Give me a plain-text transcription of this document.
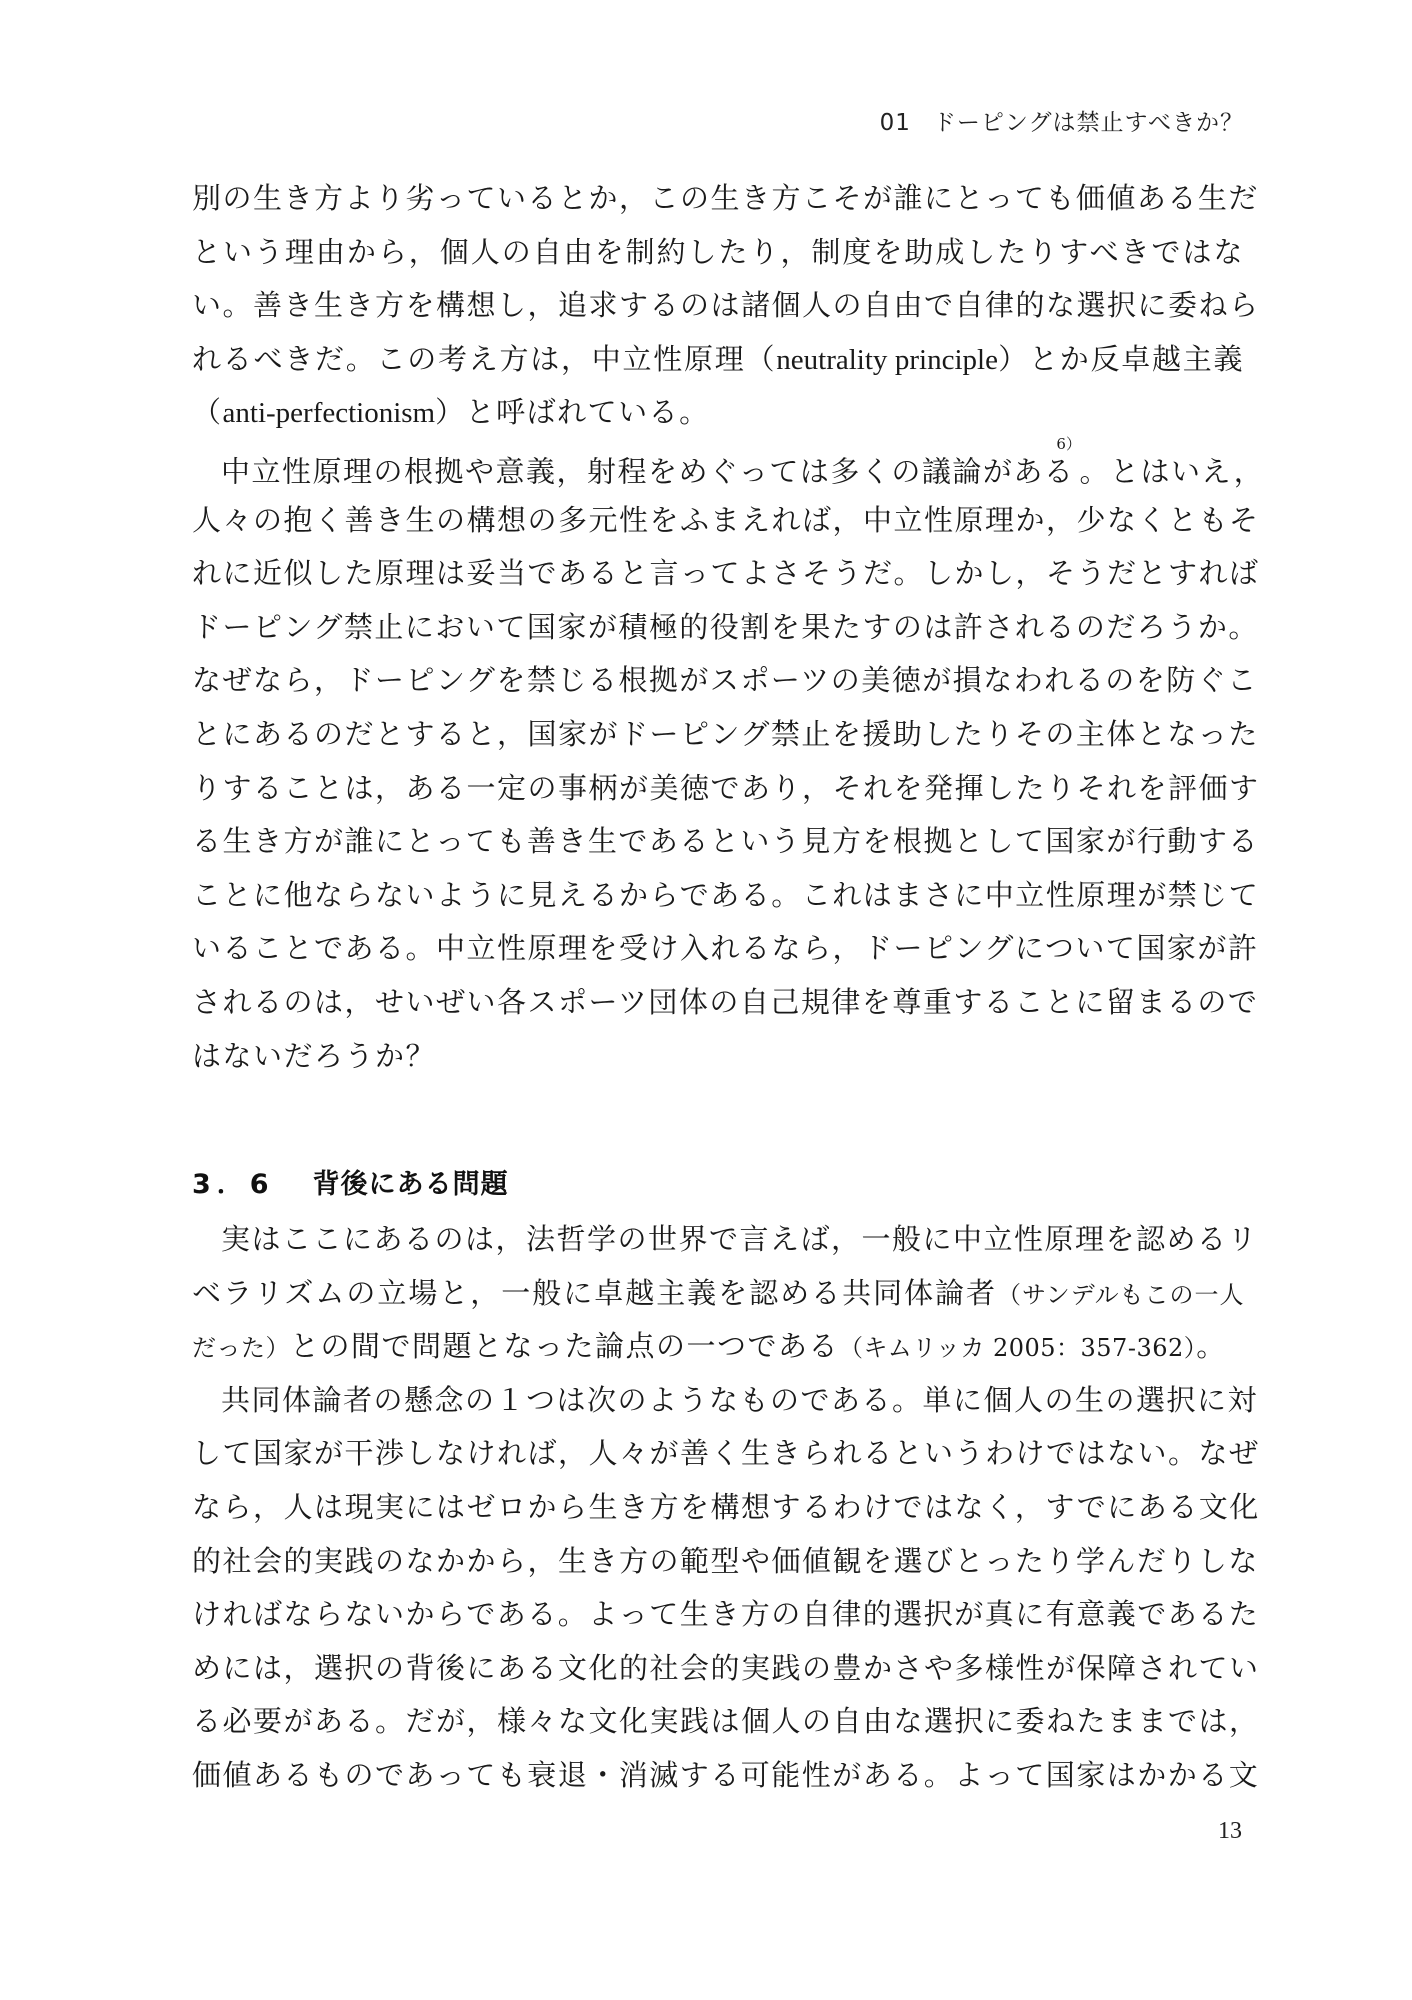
01 ドーピングは禁止すべきか？
別の生き方より劣っているとか，この生き方こそが誰にとっても価値ある生だ
という理由から，個人の自由を制約したり，制度を助成したりすべきではな
い。善き生き方を構想し，追求するのは諸個人の自由で自律的な選択に委ねら
れるべきだ。この考え方は，中立性原理（neutrality principle）とか反卓越主義
（anti-perfectionism）と呼ばれている。
中立性原理の根拠や意義，射程をめぐっては多くの議論がある$^{6)}$。とはいえ，
人々の抱く善き生の構想の多元性をふまえれば，中立性原理か，少なくともそ
れに近似した原理は妥当であると言ってよさそうだ。しかし，そうだとすれば
ドーピング禁止において国家が積極的役割を果たすのは許されるのだろうか。
なぜなら，ドーピングを禁じる根拠がスポーツの美徳が損なわれるのを防ぐこ
とにあるのだとすると，国家がドーピング禁止を援助したりその主体となった
りすることは，ある一定の事柄が美徳であり，それを発揮したりそれを評価す
る生き方が誰にとっても善き生であるという見方を根拠として国家が行動する
ことに他ならないように見えるからである。これはまさに中立性原理が禁じて
いることである。中立性原理を受け入れるなら，ドーピングについて国家が許
されるのは，せいぜい各スポーツ団体の自己規律を尊重することに留まるので
はないだろうか？
3．6 背後にある問題
実はここにあるのは，法哲学の世界で言えば，一般に中立性原理を認めるリ
ベラリズムの立場と，一般に卓越主義を認める共同体論者（サンデルもこの一人
だった）との間で問題となった論点の一つである（キムリッカ 2005：357-362）。
共同体論者の懸念の１つは次のようなものである。単に個人の生の選択に対
して国家が干渉しなければ，人々が善く生きられるというわけではない。なぜ
なら，人は現実にはゼロから生き方を構想するわけではなく，すでにある文化
的社会的実践のなかから，生き方の範型や価値観を選びとったり学んだりしな
ければならないからである。よって生き方の自律的選択が真に有意義であるた
めには，選択の背後にある文化的社会的実践の豊かさや多様性が保障されてい
る必要がある。だが，様々な文化実践は個人の自由な選択に委ねたままでは，
価値あるものであっても衰退・消滅する可能性がある。よって国家はかかる文
13
